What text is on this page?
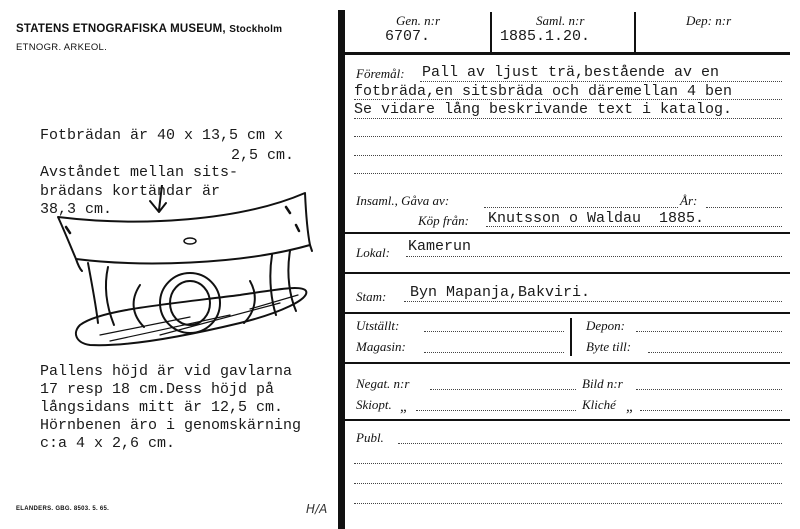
STATENS ETNOGRAFISKA MUSEUM, Stockholm
ETNOGR. ARKEOL.
Fotbrädan är 40 x 13,5 cm x
2,5 cm.
Avståndet mellan sits-
brädans kortändar är
38,3 cm.
Pallens höjd är vid gavlarna
17 resp 18 cm.Dess höjd på
långsidans mitt är 12,5 cm.
Hörnbenen äro i genomskärning
c:a 4 x 2,6 cm.
ELANDERS. GBG. 8503. 5. 65.	H/A
Gen. n:r
6707.
Saml. n:r
1885.1.20.
Dep: n:r
Föremål: Pall av ljust trä,bestående av en
fotbräda,en sitsbräda och däremellan 4 ben
Se vidare lång beskrivande text i katalog.
Insaml., Gåva av:	År:
Köp från: Knutsson o Waldau  1885.
Lokal: Kamerun
Stam: Byn Mapanja,Bakviri.
Utställt:	Depon:
Magasin:	Byte till:
Negat. n:r	Bild n:r
Skiopt. „	Kliché „
Publ.
